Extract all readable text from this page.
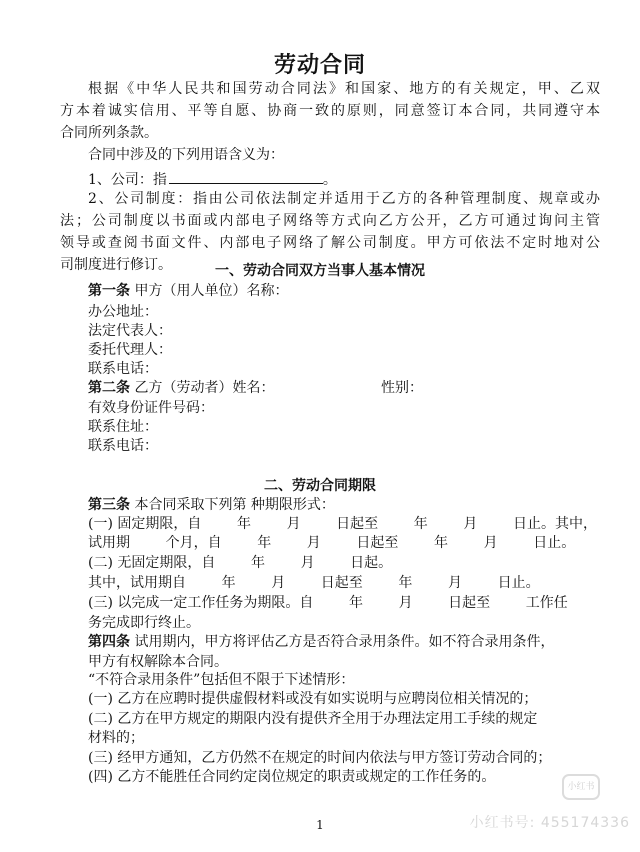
劳动合同
根据《中华人民共和国劳动合同法》和国家、地方的有关规定，甲、乙双
方本着诚实信用、平等自愿、协商一致的原则，同意签订本合同，共同遵守本
合同所列条款。
合同中涉及的下列用语含义为：
1、公司：指	。
2、公司制度：指由公司依法制定并适用于乙方的各种管理制度、规章或办
法；公司制度以书面或内部电子网络等方式向乙方公开，乙方可通过询问主管
领导或查阅书面文件、内部电子网络了解公司制度。甲方可依法不定时地对公
司制度进行修订。	一、劳动合同双方当事人基本情况
第一条 甲方（用人单位）名称：
办公地址：
法定代表人：
委托代理人：
联系电话：
第二条 乙方（劳动者）姓名：	性别：
有效身份证件号码：
联系住址：
联系电话：
二、劳动合同期限
第三条 本合同采取下列第 种期限形式：
(一) 固定期限，自        年        月        日起至        年        月        日止。其中，
试用期        个月，自        年        月        日起至        年        月        日止。
(二) 无固定期限，自        年        月        日起。
其中，试用期自        年        月        日起至        年        月        日止。
(三) 以完成一定工作任务为期限。自        年        月        日起至        工作任
务完成即行终止。
第四条 试用期内，甲方将评估乙方是否符合录用条件。如不符合录用条件，
甲方有权解除本合同。
“不符合录用条件”包括但不限于下述情形：
(一) 乙方在应聘时提供虚假材料或没有如实说明与应聘岗位相关情况的；
(二) 乙方在甲方规定的期限内没有提供齐全用于办理法定用工手续的规定
材料的；
(三) 经甲方通知，乙方仍然不在规定的时间内依法与甲方签订劳动合同的；
(四) 乙方不能胜任合同约定岗位规定的职责或规定的工作任务的。
小红书
1	小红书号: 455174336
